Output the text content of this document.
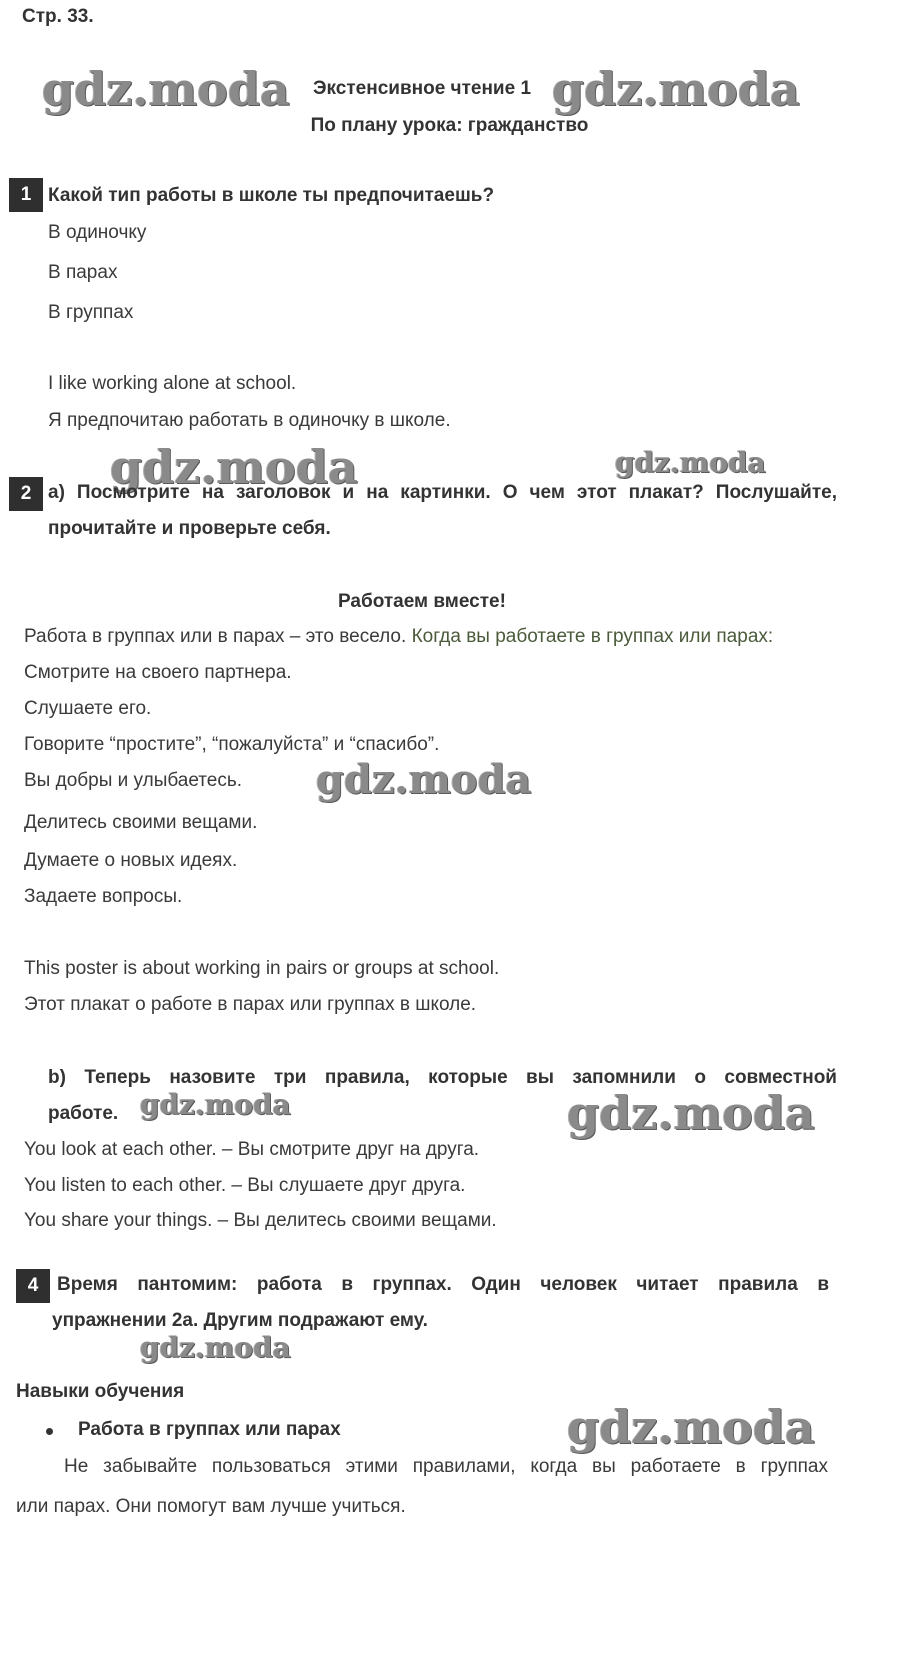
Стр. 33.
gdz.moda Экстенсивное чтение 1 gdz.moda
По плану урока: гражданство
1 Какой тип работы в школе ты предпочитаешь?
В одиночку
В парах
В группах
I like working alone at school.
Я предпочитаю работать в одиночку в школе.
gdz.moda	gdz.moda
2 a) Посмотрите на заголовок и на картинки. О чем этот плакат? Послушайте,
прочитайте и проверьте себя.
Работаем вместе!
Работа в группах или в парах – это весело. Когда вы работаете в группах или парах:
Смотрите на своего партнера.
Слушаете его.
Говорите “простите”, “пожалуйста” и “спасибо”.
Вы добры и улыбаетесь. gdz.moda
Делитесь своими вещами.
Думаете о новых идеях.
Задаете вопросы.
This poster is about working in pairs or groups at school.
Этот плакат о работе в парах или группах в школе.
b) Теперь назовите три правила, которые вы запомнили о совместной
работе. gdz.moda	gdz.moda
You look at each other. – Вы смотрите друг на друга.
You listen to each other. – Вы слушаете друг друга.
You share your things. – Вы делитесь своими вещами.
4 Время пантомим: работа в группах. Один человек читает правила в
упражнении 2a. Другим подражают ему.
gdz.moda
Навыки обучения
Работа в группах или парах	gdz.moda
Не забывайте пользоваться этими правилами, когда вы работаете в группах
или парах. Они помогут вам лучше учиться.
